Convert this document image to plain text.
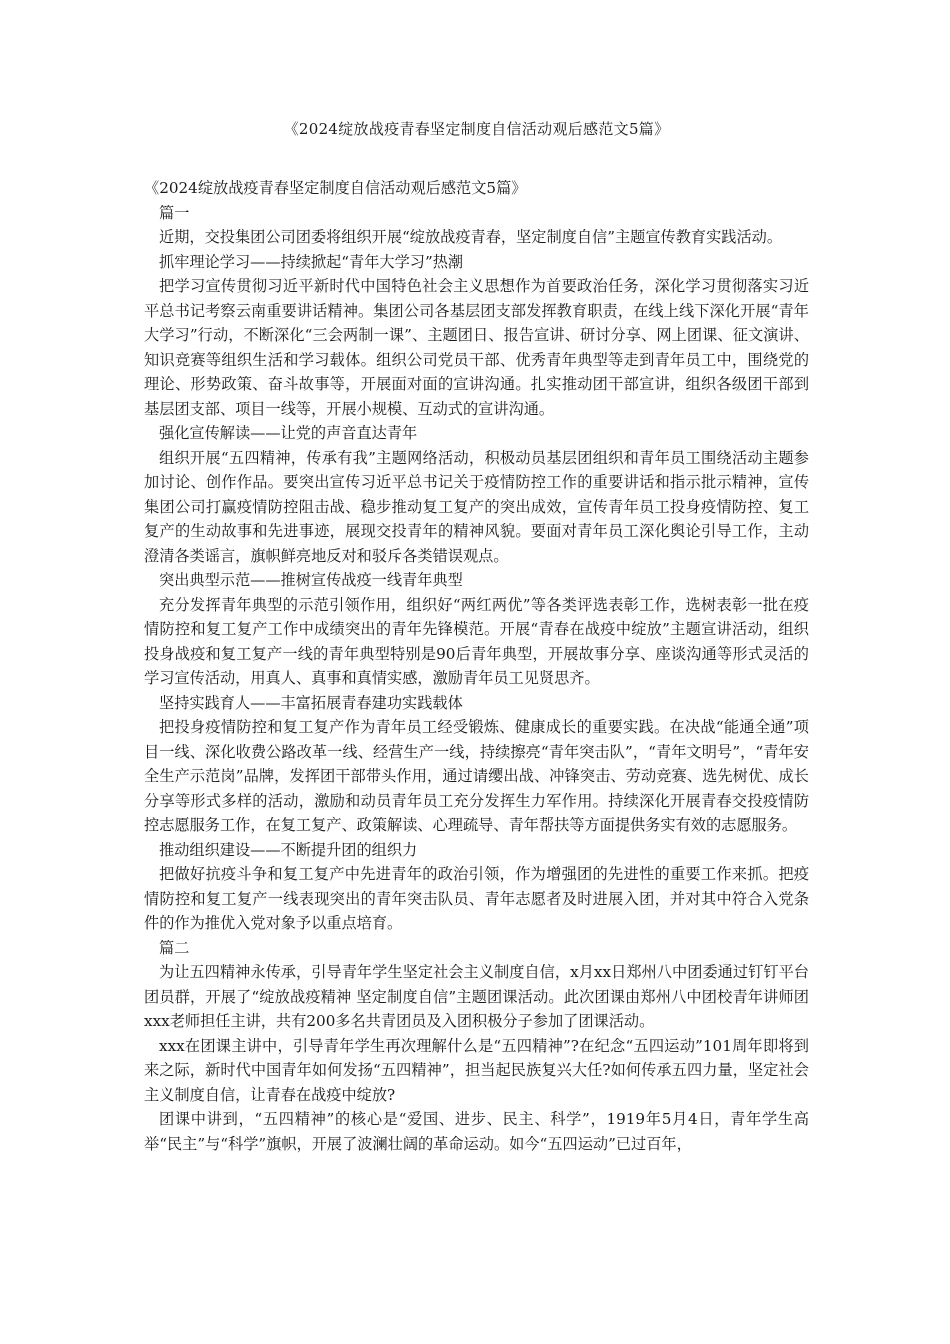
《2024绽放战疫青春坚定制度自信活动观后感范文5篇》

《2024绽放战疫青春坚定制度自信活动观后感范文5篇》

篇一

近期，交投集团公司团委将组织开展“绽放战疫青春，坚定制度自信”主题宣传教育实践活动。

抓牢理论学习——持续掀起“青年大学习”热潮

把学习宣传贯彻习近平新时代中国特色社会主义思想作为首要政治任务，深化学习贯彻落实习近平总书记考察云南重要讲话精神。集团公司各基层团支部发挥教育职责，在线上线下深化开展“青年大学习”行动，不断深化“三会两制一课”、主题团日、报告宣讲、研讨分享、网上团课、征文演讲、知识竞赛等组织生活和学习载体。组织公司党员干部、优秀青年典型等走到青年员工中，围绕党的理论、形势政策、奋斗故事等，开展面对面的宣讲沟通。扎实推动团干部宣讲，组织各级团干部到基层团支部、项目一线等，开展小规模、互动式的宣讲沟通。

强化宣传解读——让党的声音直达青年

组织开展“五四精神，传承有我”主题网络活动，积极动员基层团组织和青年员工围绕活动主题参加讨论、创作作品。要突出宣传习近平总书记关于疫情防控工作的重要讲话和指示批示精神，宣传集团公司打赢疫情防控阻击战、稳步推动复工复产的突出成效，宣传青年员工投身疫情防控、复工复产的生动故事和先进事迹，展现交投青年的精神风貌。要面对青年员工深化舆论引导工作，主动澄清各类谣言，旗帜鲜亮地反对和驳斥各类错误观点。

突出典型示范——推树宣传战疫一线青年典型

充分发挥青年典型的示范引领作用，组织好“两红两优”等各类评选表彰工作，选树表彰一批在疫情防控和复工复产工作中成绩突出的青年先锋模范。开展“青春在战疫中绽放”主题宣讲活动，组织投身战疫和复工复产一线的青年典型特别是90后青年典型，开展故事分享、座谈沟通等形式灵活的学习宣传活动，用真人、真事和真情实感，激励青年员工见贤思齐。

坚持实践育人——丰富拓展青春建功实践载体

把投身疫情防控和复工复产作为青年员工经受锻炼、健康成长的重要实践。在决战“能通全通”项目一线、深化收费公路改革一线、经营生产一线，持续擦亮“青年突击队”，“青年文明号”，“青年安全生产示范岗”品牌，发挥团干部带头作用，通过请缨出战、冲锋突击、劳动竞赛、选先树优、成长分享等形式多样的活动，激励和动员青年员工充分发挥生力军作用。持续深化开展青春交投疫情防控志愿服务工作，在复工复产、政策解读、心理疏导、青年帮扶等方面提供务实有效的志愿服务。

推动组织建设——不断提升团的组织力

把做好抗疫斗争和复工复产中先进青年的政治引领，作为增强团的先进性的重要工作来抓。把疫情防控和复工复产一线表现突出的青年突击队员、青年志愿者及时进展入团，并对其中符合入党条件的作为推优入党对象予以重点培育。

篇二

为让五四精神永传承，引导青年学生坚定社会主义制度自信，x月xx日郑州八中团委通过钉钉平台团员群，开展了“绽放战疫精神 坚定制度自信”主题团课活动。此次团课由郑州八中团校青年讲师团xxx老师担任主讲，共有200多名共青团员及入团积极分子参加了团课活动。

xxx在团课主讲中，引导青年学生再次理解什么是“五四精神”?在纪念“五四运动”101周年即将到来之际，新时代中国青年如何发扬“五四精神”，担当起民族复兴大任?如何传承五四力量，坚定社会主义制度自信，让青春在战疫中绽放?

团课中讲到，“五四精神”的核心是“爱国、进步、民主、科学”，1919年5月4日，青年学生高举“民主”与“科学”旗帜，开展了波澜壮阔的革命运动。如今“五四运动”已过百年，
